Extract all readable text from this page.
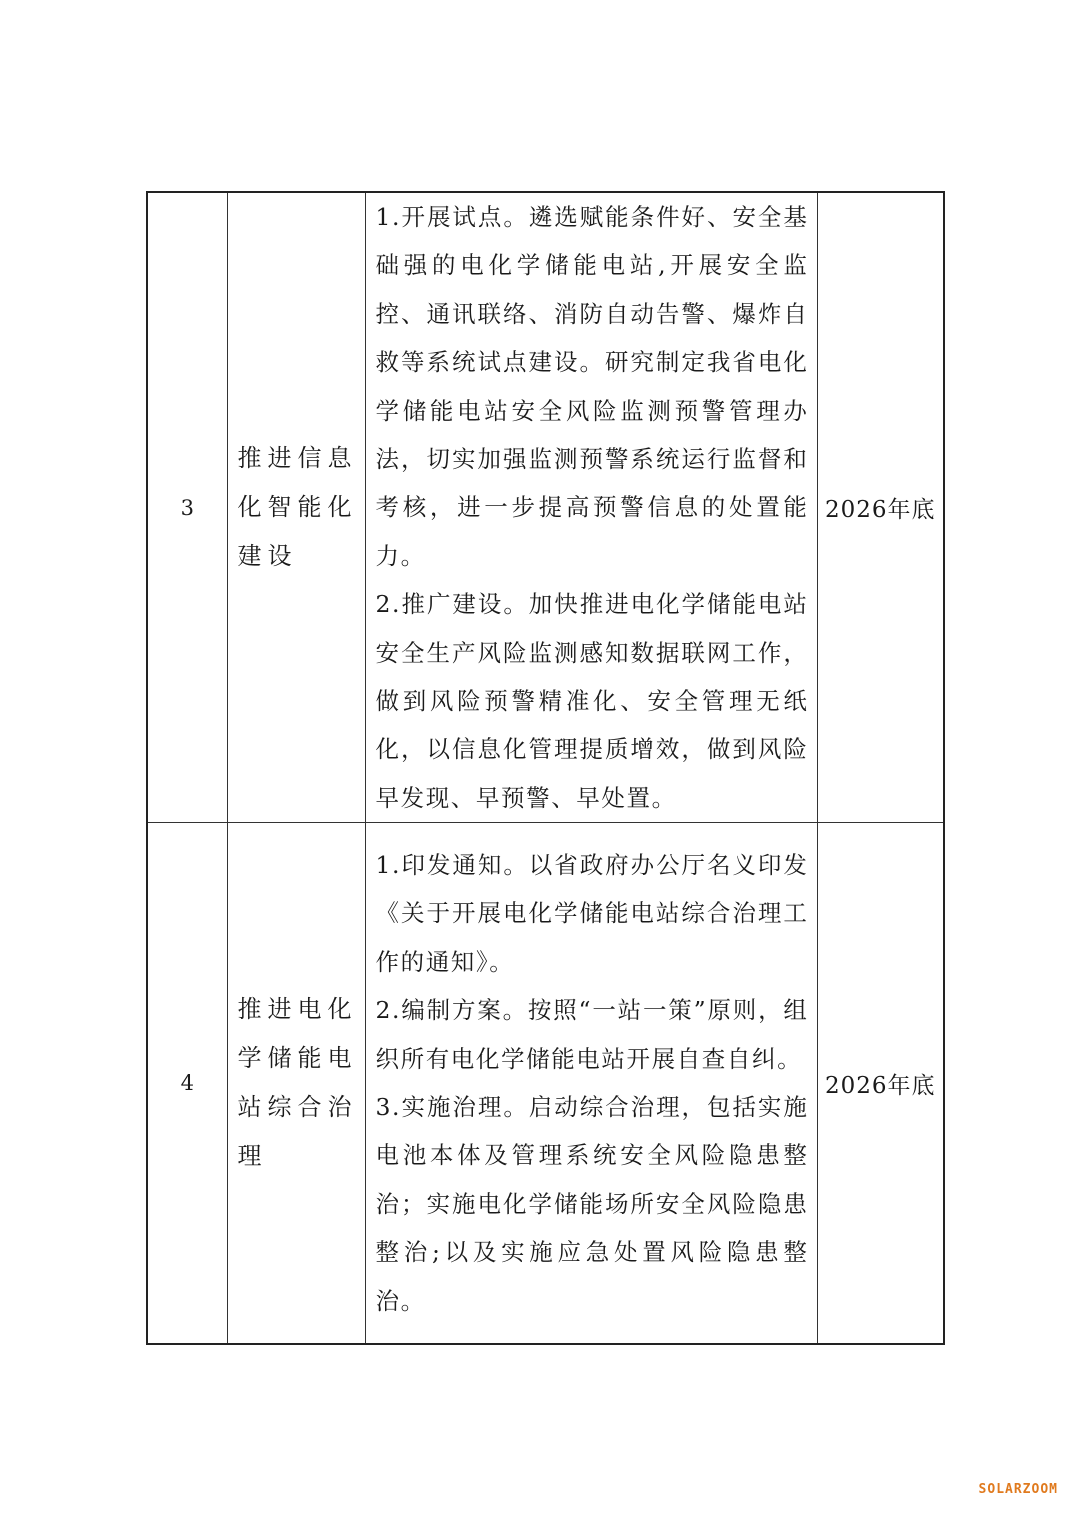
3	推进信息化智能化建设	1.开展试点。遴选赋能条件好、安全基础强的电化学储能电站,开展安全监控、通讯联络、消防自动告警、爆炸自救等系统试点建设。研究制定我省电化学储能电站安全风险监测预警管理办法，切实加强监测预警系统运行监督和考核，进一步提高预警信息的处置能力。

2.推广建设。加快推进电化学储能电站安全生产风险监测感知数据联网工作，做到风险预警精准化、安全管理无纸化，以信息化管理提质增效，做到风险早发现、早预警、早处置。	2026年底
4	推进电化学储能电站综合治理	1.印发通知。以省政府办公厅名义印发《关于开展电化学储能电站综合治理工作的通知》。

2.编制方案。按照“一站一策”原则，组织所有电化学储能电站开展自查自纠。

3.实施治理。启动综合治理，包括实施电池本体及管理系统安全风险隐患整治；实施电化学储能场所安全风险隐患整治;以及实施应急处置风险隐患整治。	2026年底
SOLARZOOM
